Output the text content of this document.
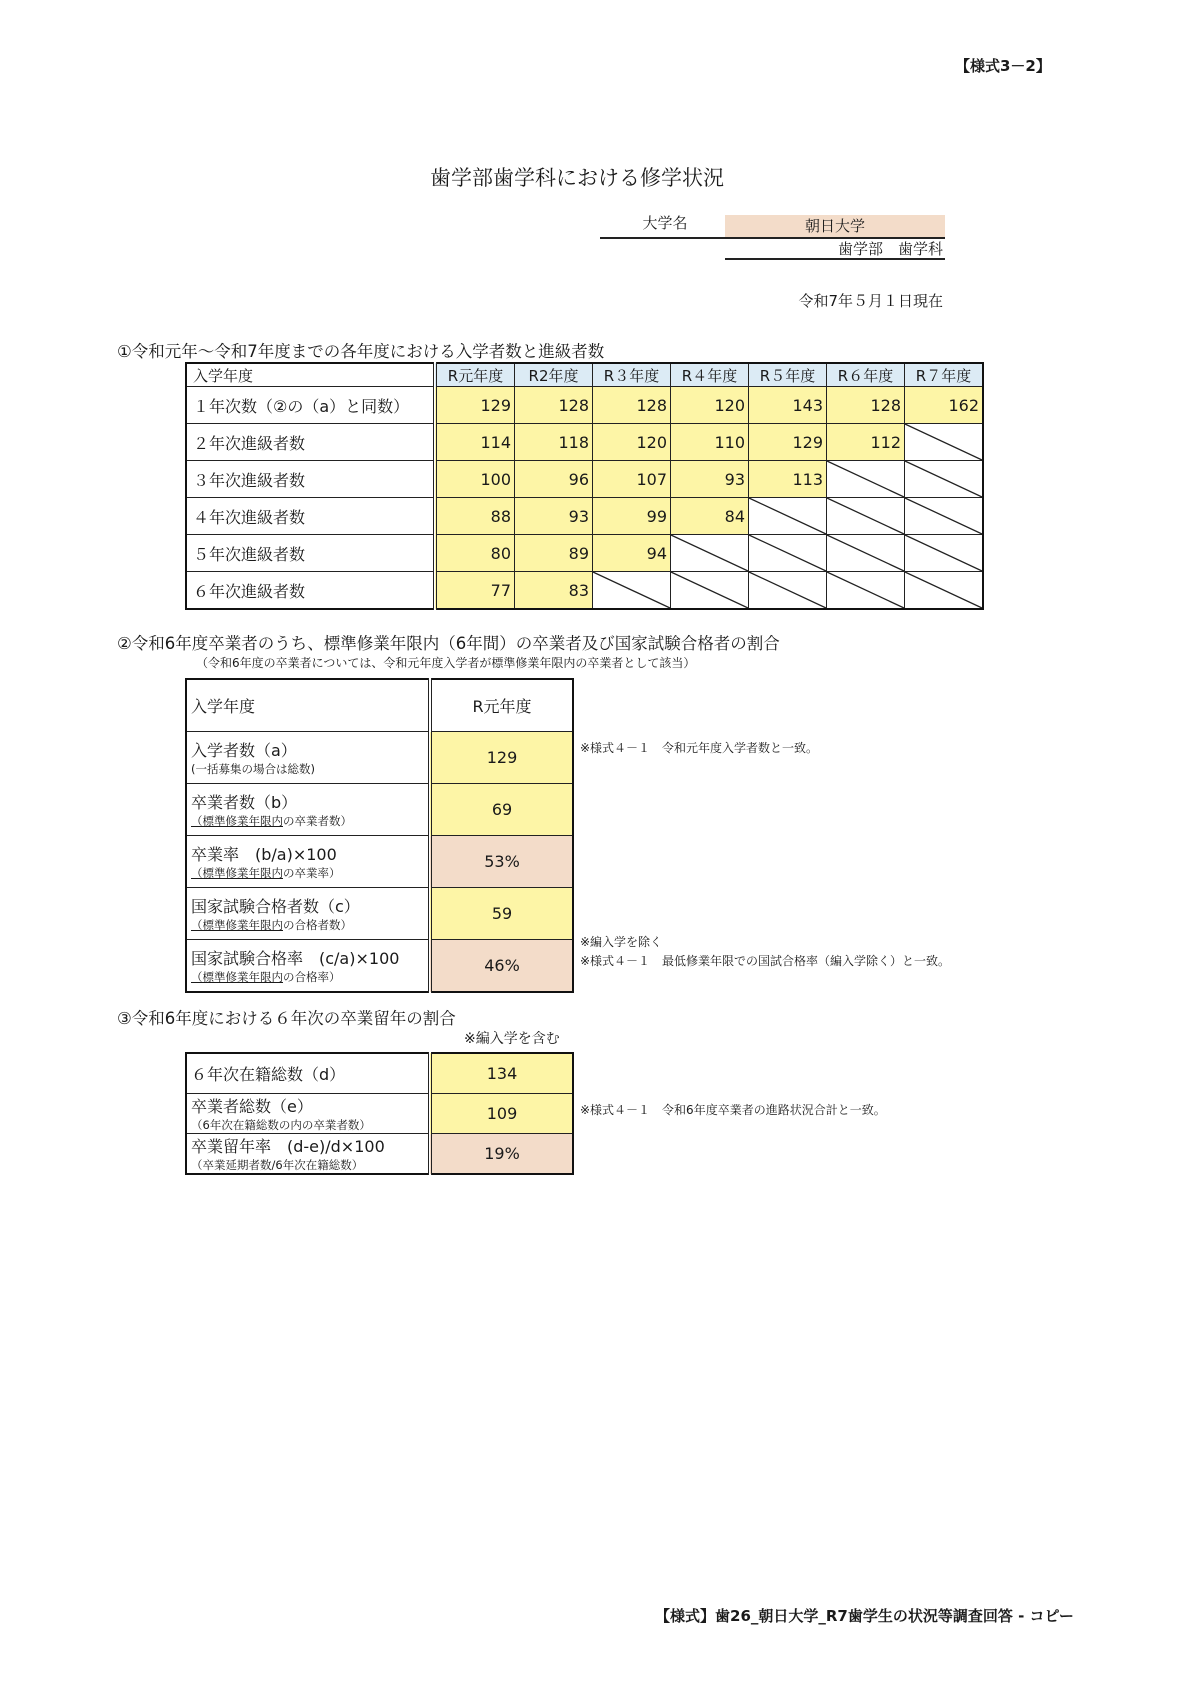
【様式3－2】
歯学部歯学科における修学状況
大学名	朝日大学
歯学部　歯学科
令和7年５月１日現在
①令和元年～令和7年度までの各年度における入学者数と進級者数
入学年度	R元年度	R2年度	R３年度	R４年度	R５年度	R６年度	R７年度
１年次数（②の（a）と同数）	129	128	128	120	143	128	162
２年次進級者数	114	118	120	110	129	112	

３年次進級者数	100	96	107	93	113	

４年次進級者数	88	93	99	84	

５年次進級者数	80	89	94	

６年次進級者数	77	83	

②令和6年度卒業者のうち、標準修業年限内（6年間）の卒業者及び国家試験合格者の割合
（令和6年度の卒業者については、令和元年度入学者が標準修業年限内の卒業者として該当）
入学年度	R元年度
入学者数（a）
(一括募集の場合は総数)	129
卒業者数（b）
（標準修業年限内の卒業者数）	69
卒業率　(b/a)×100
（標準修業年限内の卒業率）	53%
国家試験合格者数（c）
（標準修業年限内の合格者数）	59
国家試験合格率　(c/a)×100
（標準修業年限内の合格率）	46%
※様式４－１　令和元年度入学者数と一致。
※編入学を除く
※様式４－１　最低修業年限での国試合格率（編入学除く）と一致。
③令和6年度における６年次の卒業留年の割合
※編入学を含む
６年次在籍総数（d）	134
卒業者総数（e）
（6年次在籍総数の内の卒業者数）	109
卒業留年率　(d-e)/d×100
（卒業延期者数/6年次在籍総数）	19%
※様式４－１　令和6年度卒業者の進路状況合計と一致。
【様式】歯26_朝日大学_R7歯学生の状況等調査回答 - コピー
